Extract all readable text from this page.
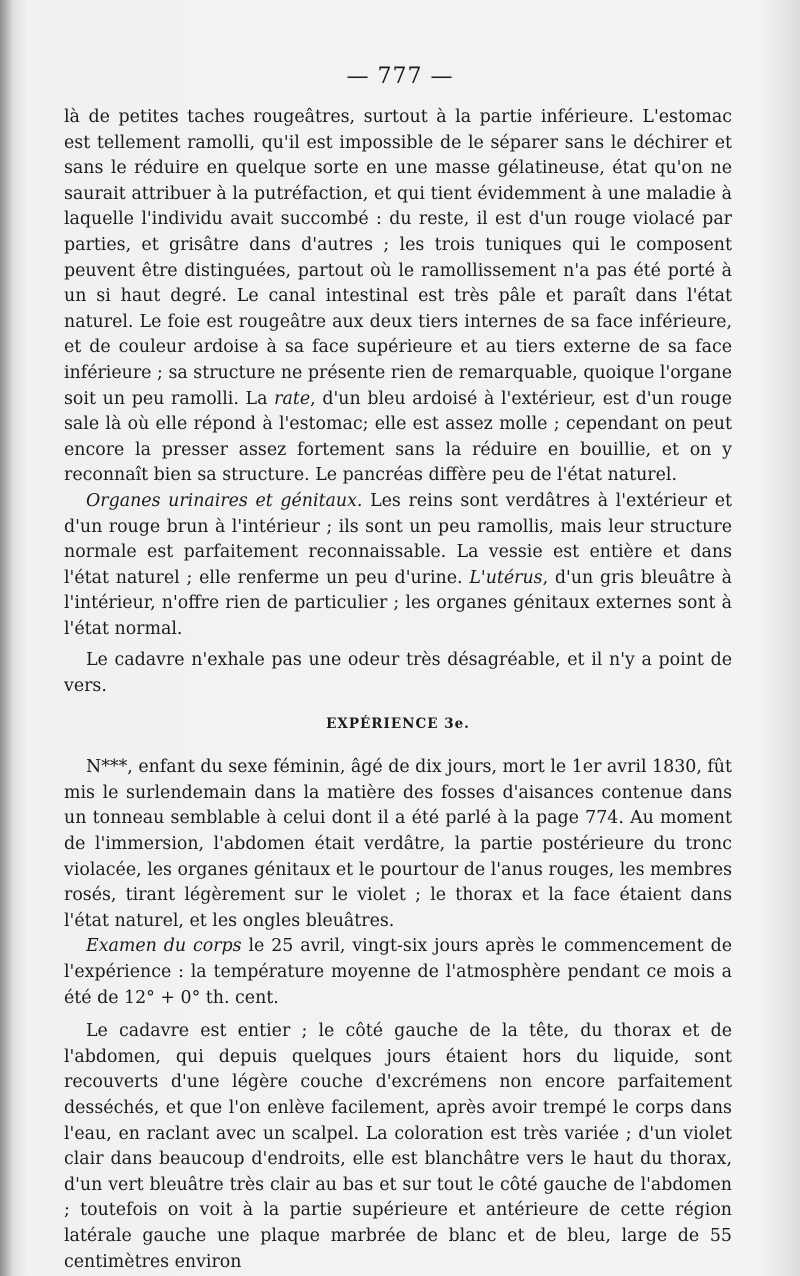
— 777 —

là de petites taches rougeâtres, surtout à la partie inférieure. L'estomac est tellement ramolli, qu'il est impossible de le séparer sans le déchirer et sans le réduire en quelque sorte en une masse gélatineuse, état qu'on ne saurait attribuer à la putréfaction, et qui tient évidemment à une maladie à laquelle l'individu avait succombé : du reste, il est d'un rouge violacé par parties, et grisâtre dans d'autres ; les trois tuniques qui le composent peuvent être distinguées, partout où le ramollissement n'a pas été porté à un si haut degré. Le canal intestinal est très pâle et paraît dans l'état naturel. Le foie est rougeâtre aux deux tiers internes de sa face inférieure, et de couleur ardoise à sa face supérieure et au tiers externe de sa face inférieure ; sa structure ne présente rien de remarquable, quoique l'organe soit un peu ramolli. La rate, d'un bleu ardoisé à l'extérieur, est d'un rouge sale là où elle répond à l'estomac; elle est assez molle ; cependant on peut encore la presser assez fortement sans la réduire en bouillie, et on y reconnaît bien sa structure. Le pancréas diffère peu de l'état naturel.

Organes urinaires et génitaux. Les reins sont verdâtres à l'extérieur et d'un rouge brun à l'intérieur ; ils sont un peu ramollis, mais leur structure normale est parfaitement reconnaissable. La vessie est entière et dans l'état naturel ; elle renferme un peu d'urine. L'utérus, d'un gris bleuâtre à l'intérieur, n'offre rien de particulier ; les organes génitaux externes sont à l'état normal.

Le cadavre n'exhale pas une odeur très désagréable, et il n'y a point de vers.

EXPÉRIENCE 3e.

N***, enfant du sexe féminin, âgé de dix jours, mort le 1er avril 1830, fût mis le surlendemain dans la matière des fosses d'aisances contenue dans un tonneau semblable à celui dont il a été parlé à la page 774. Au moment de l'immersion, l'abdomen était verdâtre, la partie postérieure du tronc violacée, les organes génitaux et le pourtour de l'anus rouges, les membres rosés, tirant légèrement sur le violet ; le thorax et la face étaient dans l'état naturel, et les ongles bleuâtres.

Examen du corps le 25 avril, vingt-six jours après le commencement de l'expérience : la température moyenne de l'atmosphère pendant ce mois a été de 12° + 0° th. cent.

Le cadavre est entier ; le côté gauche de la tête, du thorax et de l'abdomen, qui depuis quelques jours étaient hors du liquide, sont recouverts d'une légère couche d'excrémens non encore parfaitement desséchés, et que l'on enlève facilement, après avoir trempé le corps dans l'eau, en raclant avec un scalpel. La coloration est très variée ; d'un violet clair dans beaucoup d'endroits, elle est blanchâtre vers le haut du thorax, d'un vert bleuâtre très clair au bas et sur tout le côté gauche de l'abdomen ; toutefois on voit à la partie supérieure et antérieure de cette région latérale gauche une plaque marbrée de blanc et de bleu, large de 55 centimètres environ
